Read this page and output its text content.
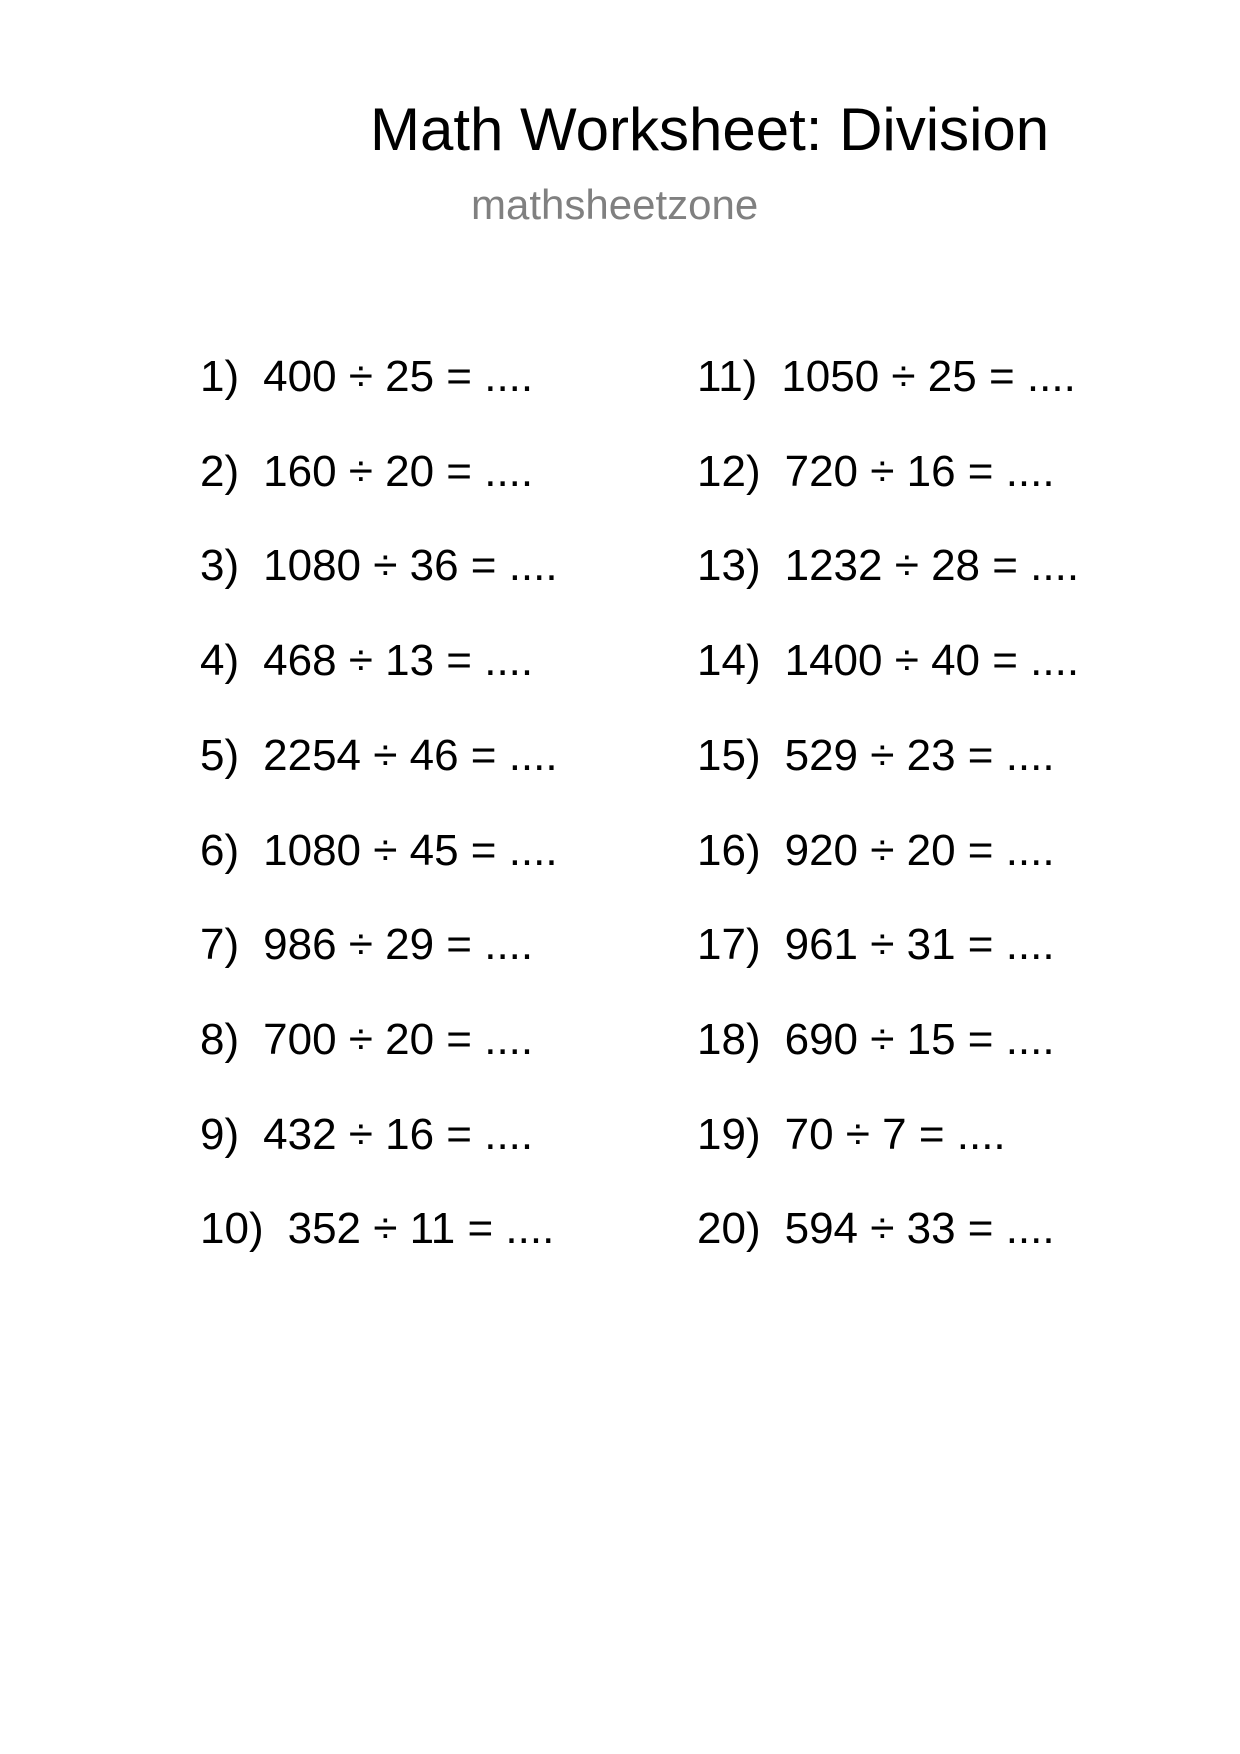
Math Worksheet: Division
mathsheetzone
1) 400 ÷ 25 = ....
2) 160 ÷ 20 = ....
3) 1080 ÷ 36 = ....
4) 468 ÷ 13 = ....
5) 2254 ÷ 46 = ....
6) 1080 ÷ 45 = ....
7) 986 ÷ 29 = ....
8) 700 ÷ 20 = ....
9) 432 ÷ 16 = ....
10) 352 ÷ 11 = ....
11) 1050 ÷ 25 = ....
12) 720 ÷ 16 = ....
13) 1232 ÷ 28 = ....
14) 1400 ÷ 40 = ....
15) 529 ÷ 23 = ....
16) 920 ÷ 20 = ....
17) 961 ÷ 31 = ....
18) 690 ÷ 15 = ....
19) 70 ÷ 7 = ....
20) 594 ÷ 33 = ....
